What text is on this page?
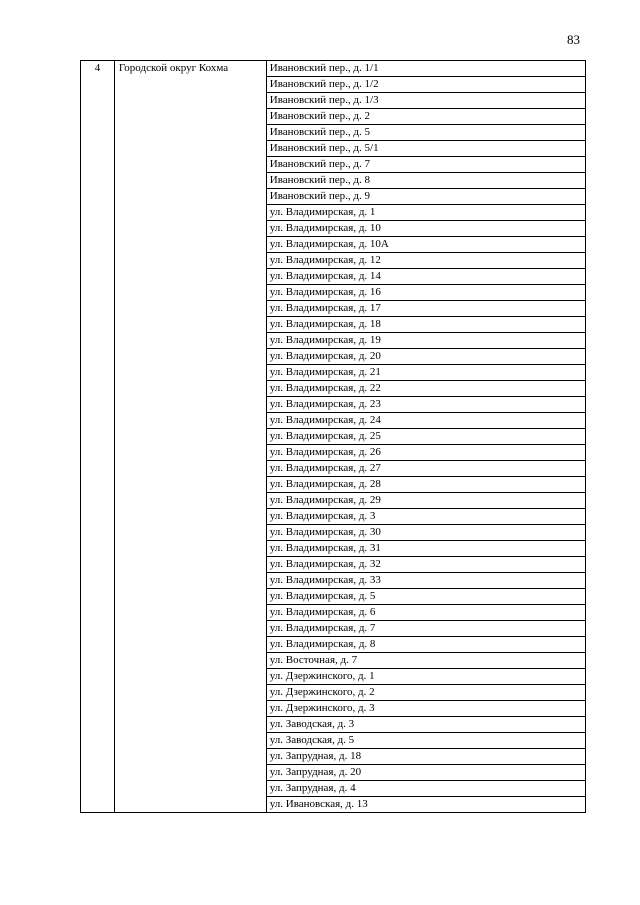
83
4	Городской округ Кохма	Ивановский пер., д. 1/1
Ивановский пер., д. 1/2
Ивановский пер., д. 1/3
Ивановский пер., д. 2
Ивановский пер., д. 5
Ивановский пер., д. 5/1
Ивановский пер., д. 7
Ивановский пер., д. 8
Ивановский пер., д. 9
ул. Владимирская, д. 1
ул. Владимирская, д. 10
ул. Владимирская, д. 10А
ул. Владимирская, д. 12
ул. Владимирская, д. 14
ул. Владимирская, д. 16
ул. Владимирская, д. 17
ул. Владимирская, д. 18
ул. Владимирская, д. 19
ул. Владимирская, д. 20
ул. Владимирская, д. 21
ул. Владимирская, д. 22
ул. Владимирская, д. 23
ул. Владимирская, д. 24
ул. Владимирская, д. 25
ул. Владимирская, д. 26
ул. Владимирская, д. 27
ул. Владимирская, д. 28
ул. Владимирская, д. 29
ул. Владимирская, д. 3
ул. Владимирская, д. 30
ул. Владимирская, д. 31
ул. Владимирская, д. 32
ул. Владимирская, д. 33
ул. Владимирская, д. 5
ул. Владимирская, д. 6
ул. Владимирская, д. 7
ул. Владимирская, д. 8
ул. Восточная, д. 7
ул. Дзержинского, д. 1
ул. Дзержинского, д. 2
ул. Дзержинского, д. 3
ул. Заводская, д. 3
ул. Заводская, д. 5
ул. Запрудная, д. 18
ул. Запрудная, д. 20
ул. Запрудная, д. 4
ул. Ивановская, д. 13
